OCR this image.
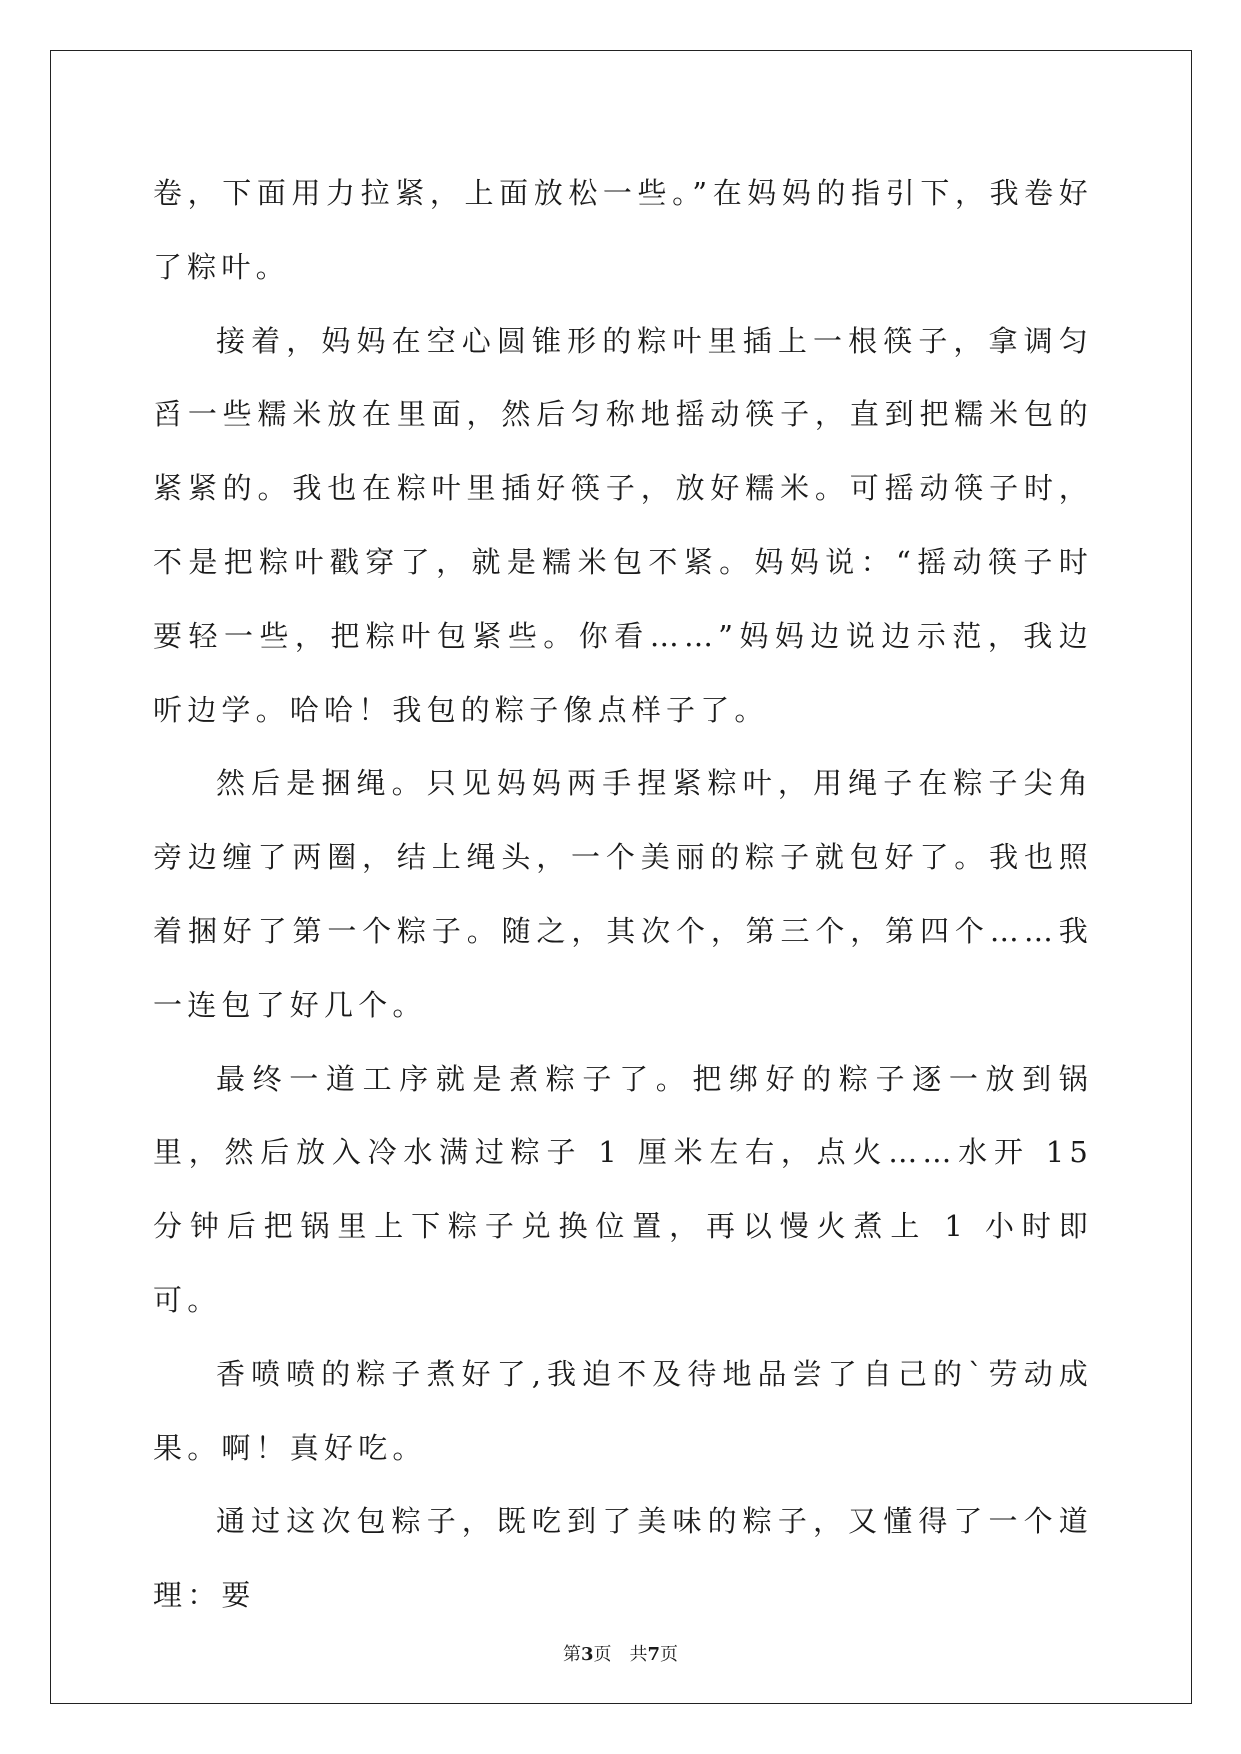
卷，下面用力拉紧，上面放松一些。”在妈妈的指引下，我卷好了粽叶。

接着，妈妈在空心圆锥形的粽叶里插上一根筷子，拿调匀舀一些糯米放在里面，然后匀称地摇动筷子，直到把糯米包的紧紧的。我也在粽叶里插好筷子，放好糯米。可摇动筷子时，不是把粽叶戳穿了，就是糯米包不紧。妈妈说：“摇动筷子时要轻一些，把粽叶包紧些。你看……”妈妈边说边示范，我边听边学。哈哈！我包的粽子像点样子了。

然后是捆绳。只见妈妈两手捏紧粽叶，用绳子在粽子尖角旁边缠了两圈，结上绳头，一个美丽的粽子就包好了。我也照着捆好了第一个粽子。随之，其次个，第三个，第四个……我一连包了好几个。

最终一道工序就是煮粽子了。把绑好的粽子逐一放到锅里，然后放入冷水满过粽子 1 厘米左右，点火……水开 15 分钟后把锅里上下粽子兑换位置，再以慢火煮上 1 小时即可。

香喷喷的粽子煮好了,我迫不及待地品尝了自己的`劳动成果。啊！真好吃。

通过这次包粽子，既吃到了美味的粽子，又懂得了一个道理：要

第3页 共7页
